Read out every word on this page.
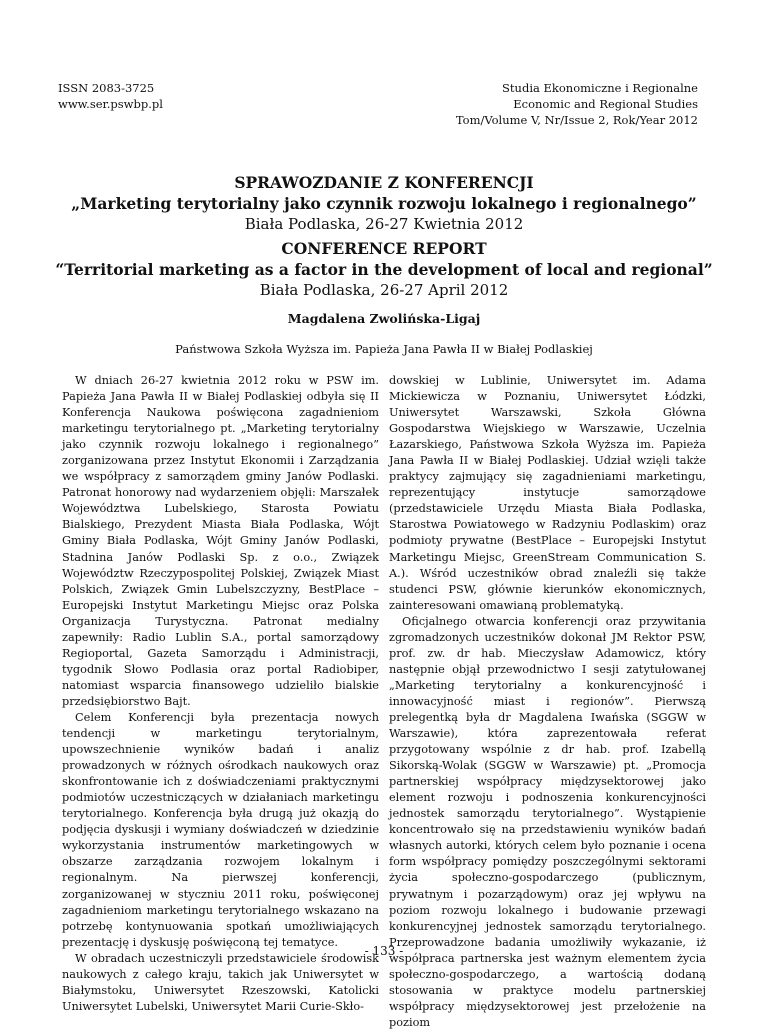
ISSN 2083-3725
www.ser.pswbp.pl
Studia Ekonomiczne i Regionalne
Economic and Regional Studies
Tom/Volume V, Nr/Issue 2, Rok/Year 2012
SPRAWOZDANIE Z KONFERENCJI
„Marketing terytorialny jako czynnik rozwoju lokalnego i regionalnego”
Biała Podlaska, 26-27 Kwietnia 2012
CONFERENCE REPORT
“Territorial marketing as a factor in the development of local and regional”
Biała Podlaska, 26-27 April 2012
Magdalena Zwolińska-Ligaj
Państwowa Szkoła Wyższa im. Papieża Jana Pawła II w Białej Podlaskiej

W dniach 26-27 kwietnia 2012 roku w PSW im. Papieża Jana Pawła II w Białej Podlaskiej odbyła się II Konferencja Naukowa poświęcona zagadnieniom marketingu terytorialnego pt. „Marketing terytorialny jako czynnik rozwoju lokalnego i regionalnego” zorganizowana przez Instytut Ekonomii i Zarządzania we współpracy z samorządem gminy Janów Podlaski. Patronat honorowy nad wydarzeniem objęli: Marszałek Województwa Lubelskiego, Starosta Powiatu Bialskiego, Prezydent Miasta Biała Podlaska, Wójt Gminy Biała Podlaska, Wójt Gminy Janów Podlaski, Stadnina Janów Podlaski Sp. z o.o., Związek Województw Rzeczypospolitej Polskiej, Związek Miast Polskich, Związek Gmin Lubelszczyzny, BestPlace – Europejski Instytut Marketingu Miejsc oraz Polska Organizacja Turystyczna. Patronat medialny zapewniły: Radio Lublin S.A., portal samorządowy Regioportal, Gazeta Samorządu i Administracji, tygodnik Słowo Podlasia oraz portal Radiobiper, natomiast wsparcia finansowego udzieliło bialskie przedsiębiorstwo Bajt.

Celem Konferencji była prezentacja nowych tendencji w marketingu terytorialnym, upowszechnienie wyników badań i analiz prowadzonych w różnych ośrodkach naukowych oraz skonfrontowanie ich z doświadczeniami praktycznymi podmiotów uczestniczących w działaniach marketingu terytorialnego. Konferencja była drugą już okazją do podjęcia dyskusji i wymiany doświadczeń w dziedzinie wykorzystania instrumentów marketingowych w obszarze zarządzania rozwojem lokalnym i regionalnym. Na pierwszej konferencji, zorganizowanej w styczniu 2011 roku, poświęconej zagadnieniom marketingu terytorialnego wskazano na potrzebę kontynuowania spotkań umożliwiających prezentację i dyskusję poświęconą tej tematyce.

W obradach uczestniczyli przedstawiciele środowisk naukowych z całego kraju, takich jak Uniwersytet w Białymstoku, Uniwersytet Rzeszowski, Katolicki Uniwersytet Lubelski, Uniwersytet Marii Curie-Skło-

dowskiej w Lublinie, Uniwersytet im. Adama Mickiewicza w Poznaniu, Uniwersytet Łódzki, Uniwersytet Warszawski, Szkoła Główna Gospodarstwa Wiejskiego w Warszawie, Uczelnia Łazarskiego, Państwowa Szkoła Wyższa im. Papieża Jana Pawła II w Białej Podlaskiej. Udział wzięli także praktycy zajmujący się zagadnieniami marketingu, reprezentujący instytucje samorządowe (przedstawiciele Urzędu Miasta Biała Podlaska, Starostwa Powiatowego w Radzyniu Podlaskim) oraz podmioty prywatne (BestPlace – Europejski Instytut Marketingu Miejsc, GreenStream Communication S. A.). Wśród uczestników obrad znaleźli się także studenci PSW, głównie kierunków ekonomicznych, zainteresowani omawianą problematyką.

Oficjalnego otwarcia konferencji oraz przywitania zgromadzonych uczestników dokonał JM Rektor PSW, prof. zw. dr hab. Mieczysław Adamowicz, który następnie objął przewodnictwo I sesji zatytułowanej „Marketing terytorialny a konkurencyjność i innowacyjność miast i regionów”. Pierwszą prelegentką była dr Magdalena Iwańska (SGGW w Warszawie), która zaprezentowała referat przygotowany wspólnie z dr hab. prof. Izabellą Sikorską-Wolak (SGGW w Warszawie) pt. „Promocja partnerskiej współpracy międzysektorowej jako element rozwoju i podnoszenia konkurencyjności jednostek samorządu terytorialnego”. Wystąpienie koncentrowało się na przedstawieniu wyników badań własnych autorki, których celem było poznanie i ocena form współpracy pomiędzy poszczególnymi sektorami życia społeczno-gospodarczego (publicznym, prywatnym i pozarządowym) oraz jej wpływu na poziom rozwoju lokalnego i budowanie przewagi konkurencyjnej jednostek samorządu terytorialnego. Przeprowadzone badania umożliwiły wykazanie, iż współpraca partnerska jest ważnym elementem życia społeczno-gospodarczego, a wartością dodaną stosowania w praktyce modelu partnerskiej współpracy międzysektorowej jest przełożenie na poziom

- 133 -
